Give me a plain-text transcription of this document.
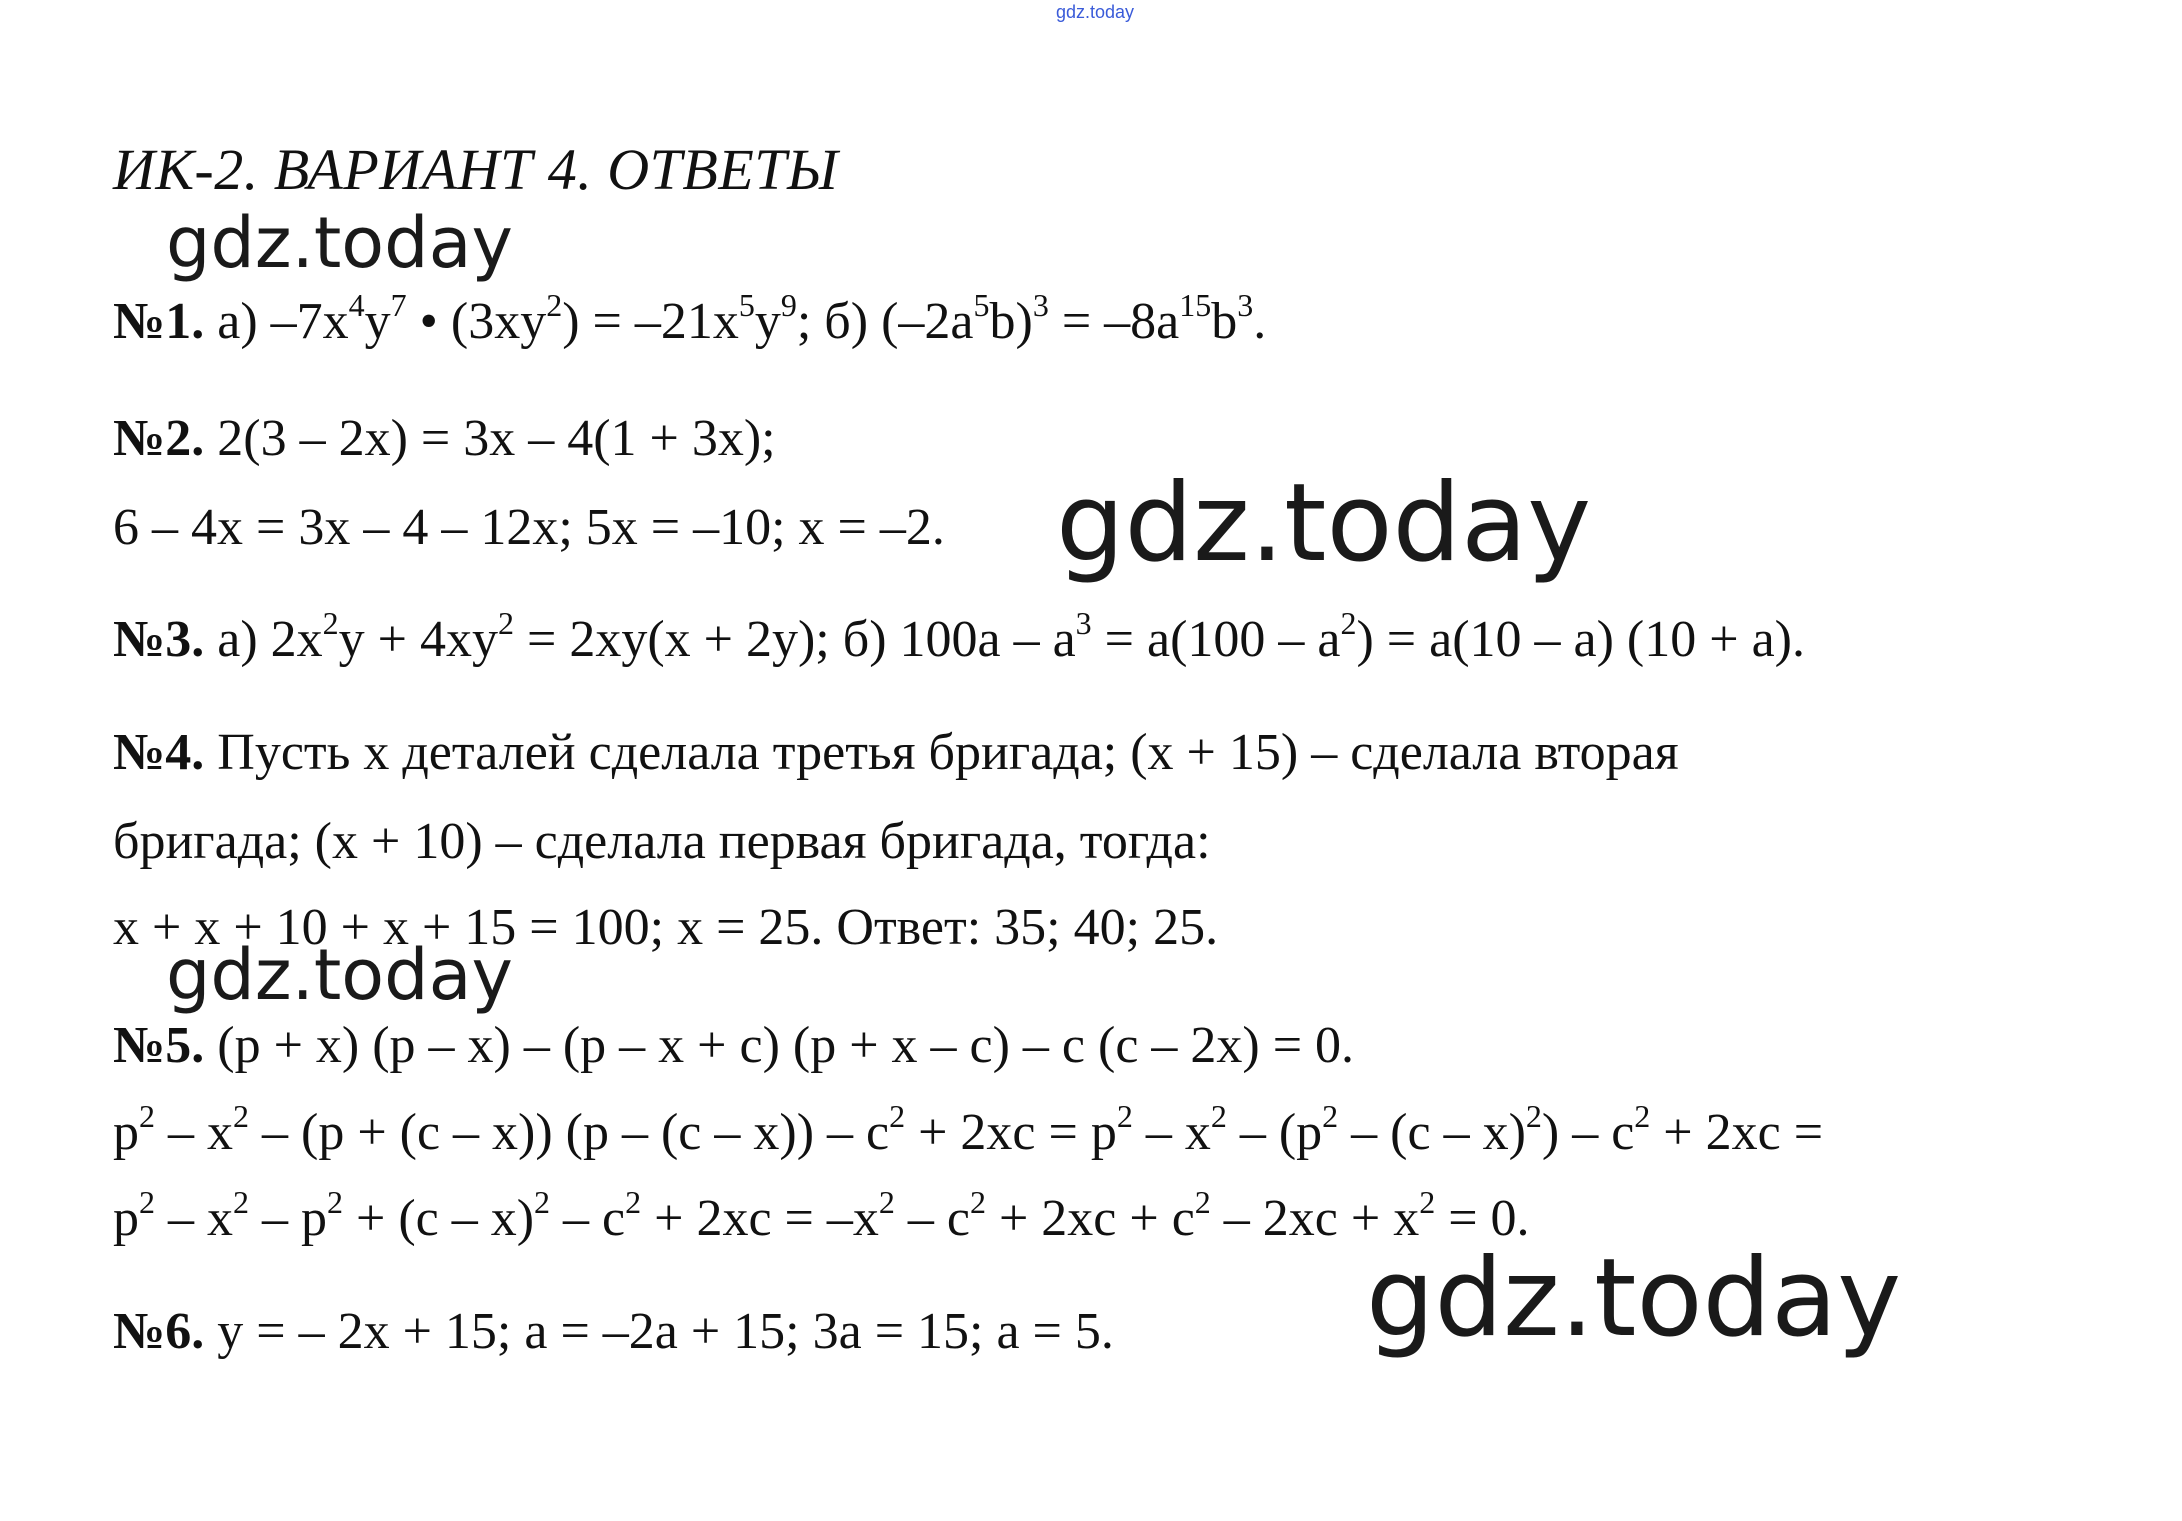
gdz.today
ИК-2. ВАРИАНТ 4. ОТВЕТЫ
gdz.today
№1. а) $-7x^4y^7$ • $(3xy^2) = -21x^5y^9$; б) $(-2a^5b)^3 = -8a^{15}b^3$.
№2. 2(3 – 2x) = 3x – 4(1 + 3x);
6 – 4x = 3x – 4 – 12x; 5x = –10; x = –2. gdz.today
№3. а) $2x^2y + 4xy^2 = 2xy(x + 2y)$; б) $100a - a^3 = a(100 - a^2) = a(10 - a) (10 + a)$.
№4. Пусть x деталей сделала третья бригада; (x + 15) – сделала вторая
бригада; (x + 10) – сделала первая бригада, тогда:
x + x + 10 + x + 15 = 100; x = 25. Ответ: 35; 40; 25.
gdz.today
№5. (p + x) (p – x) – (p – x + c) (p + x – c) – c (c – 2x) = 0.
$p^2 - x^2 - (p + (c - x))$ $(p - (c - x)) - c^2 + 2xc = p^2 - x^2 - (p^2 - (c - x)^2) - c^2 + 2xc$ =
$p^2 - x^2 - p^2 + (c - x)^2 - c^2 + 2xc = -x^2 - c^2 + 2xc + c^2 - 2xc + x^2 = 0$.
gdz.today
№6. y = – 2x + 15; a = –2a + 15; 3a = 15; a = 5.
